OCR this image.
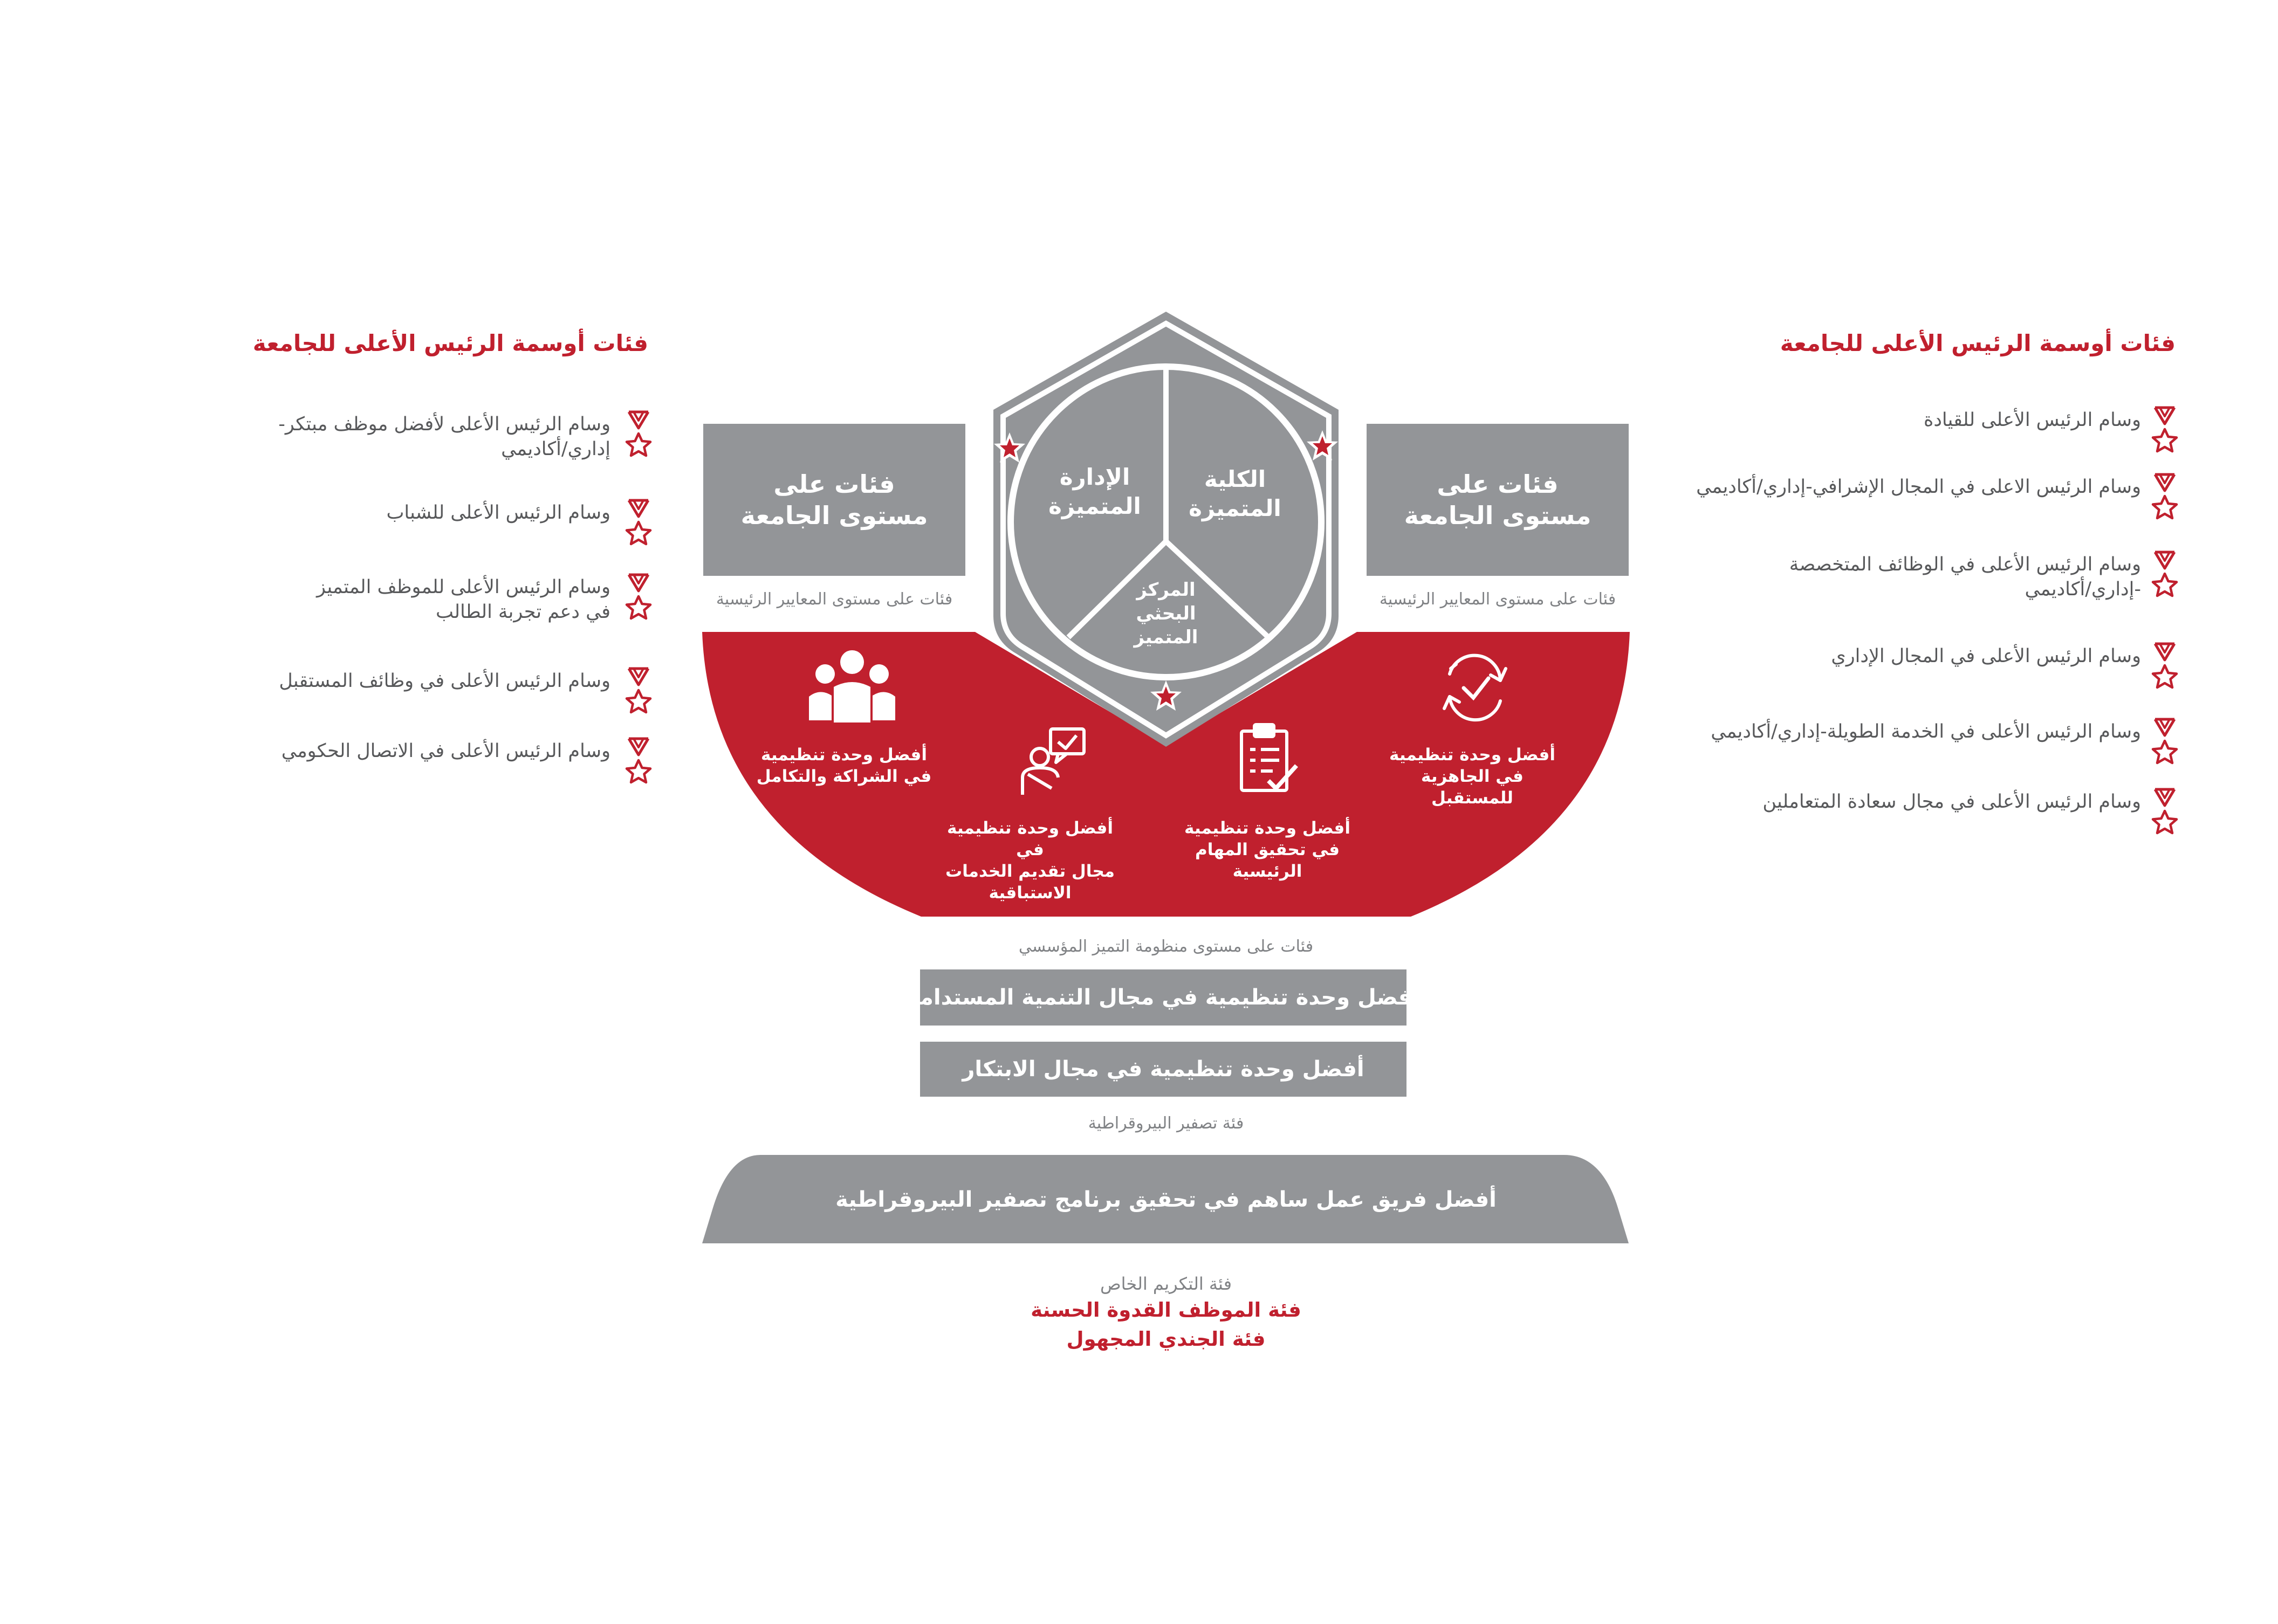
فئات أوسمة الرئيس الأعلى للجامعة
وسام الرئيس الأعلى لأفضل موظف مبتكر-
إداري/أكاديمي
وسام الرئيس الأعلى للشباب
وسام الرئيس الأعلى للموظف المتميز
في دعم تجربة الطالب
وسام الرئيس الأعلى في وظائف المستقبل
وسام الرئيس الأعلى في الاتصال الحكومي
فئات أوسمة الرئيس الأعلى للجامعة
وسام الرئيس الأعلى للقيادة
وسام الرئيس الاعلى في المجال الإشرافي-إداري/أكاديمي
وسام الرئيس الأعلى في الوظائف المتخصصة
-إداري/أكاديمي
وسام الرئيس الأعلى في المجال الإداري
وسام الرئيس الأعلى في الخدمة الطويلة-إداري/أكاديمي
وسام الرئيس الأعلى في مجال سعادة المتعاملين
فئات على
مستوى الجامعة
فئات على
مستوى الجامعة
فئات على مستوى المعايير الرئيسية	فئات على مستوى المعايير الرئيسية
الكلية
المتميزة
الإدارة
المتميزة
المركز
البحثي
المتميز
أفضل وحدة تنظيمية
في الشراكة والتكامل
أفضل وحدة تنظيمية في
مجال تقديم الخدمات
الاستباقية
أفضل وحدة تنظيمية
في تحقيق المهام
الرئيسية
أفضل وحدة تنظيمية
في الجاهزية للمستقبل
فئات على مستوى منظومة التميز المؤسسي
أفضل وحدة تنظيمية في مجال التنمية المستدامة
أفضل وحدة تنظيمية في مجال الابتكار
فئة تصفير البيروقراطية
أفضل فريق عمل ساهم في تحقيق برنامج تصفير البيروقراطية
فئة التكريم الخاص
فئة الموظف القدوة الحسنة
فئة الجندي المجهول
